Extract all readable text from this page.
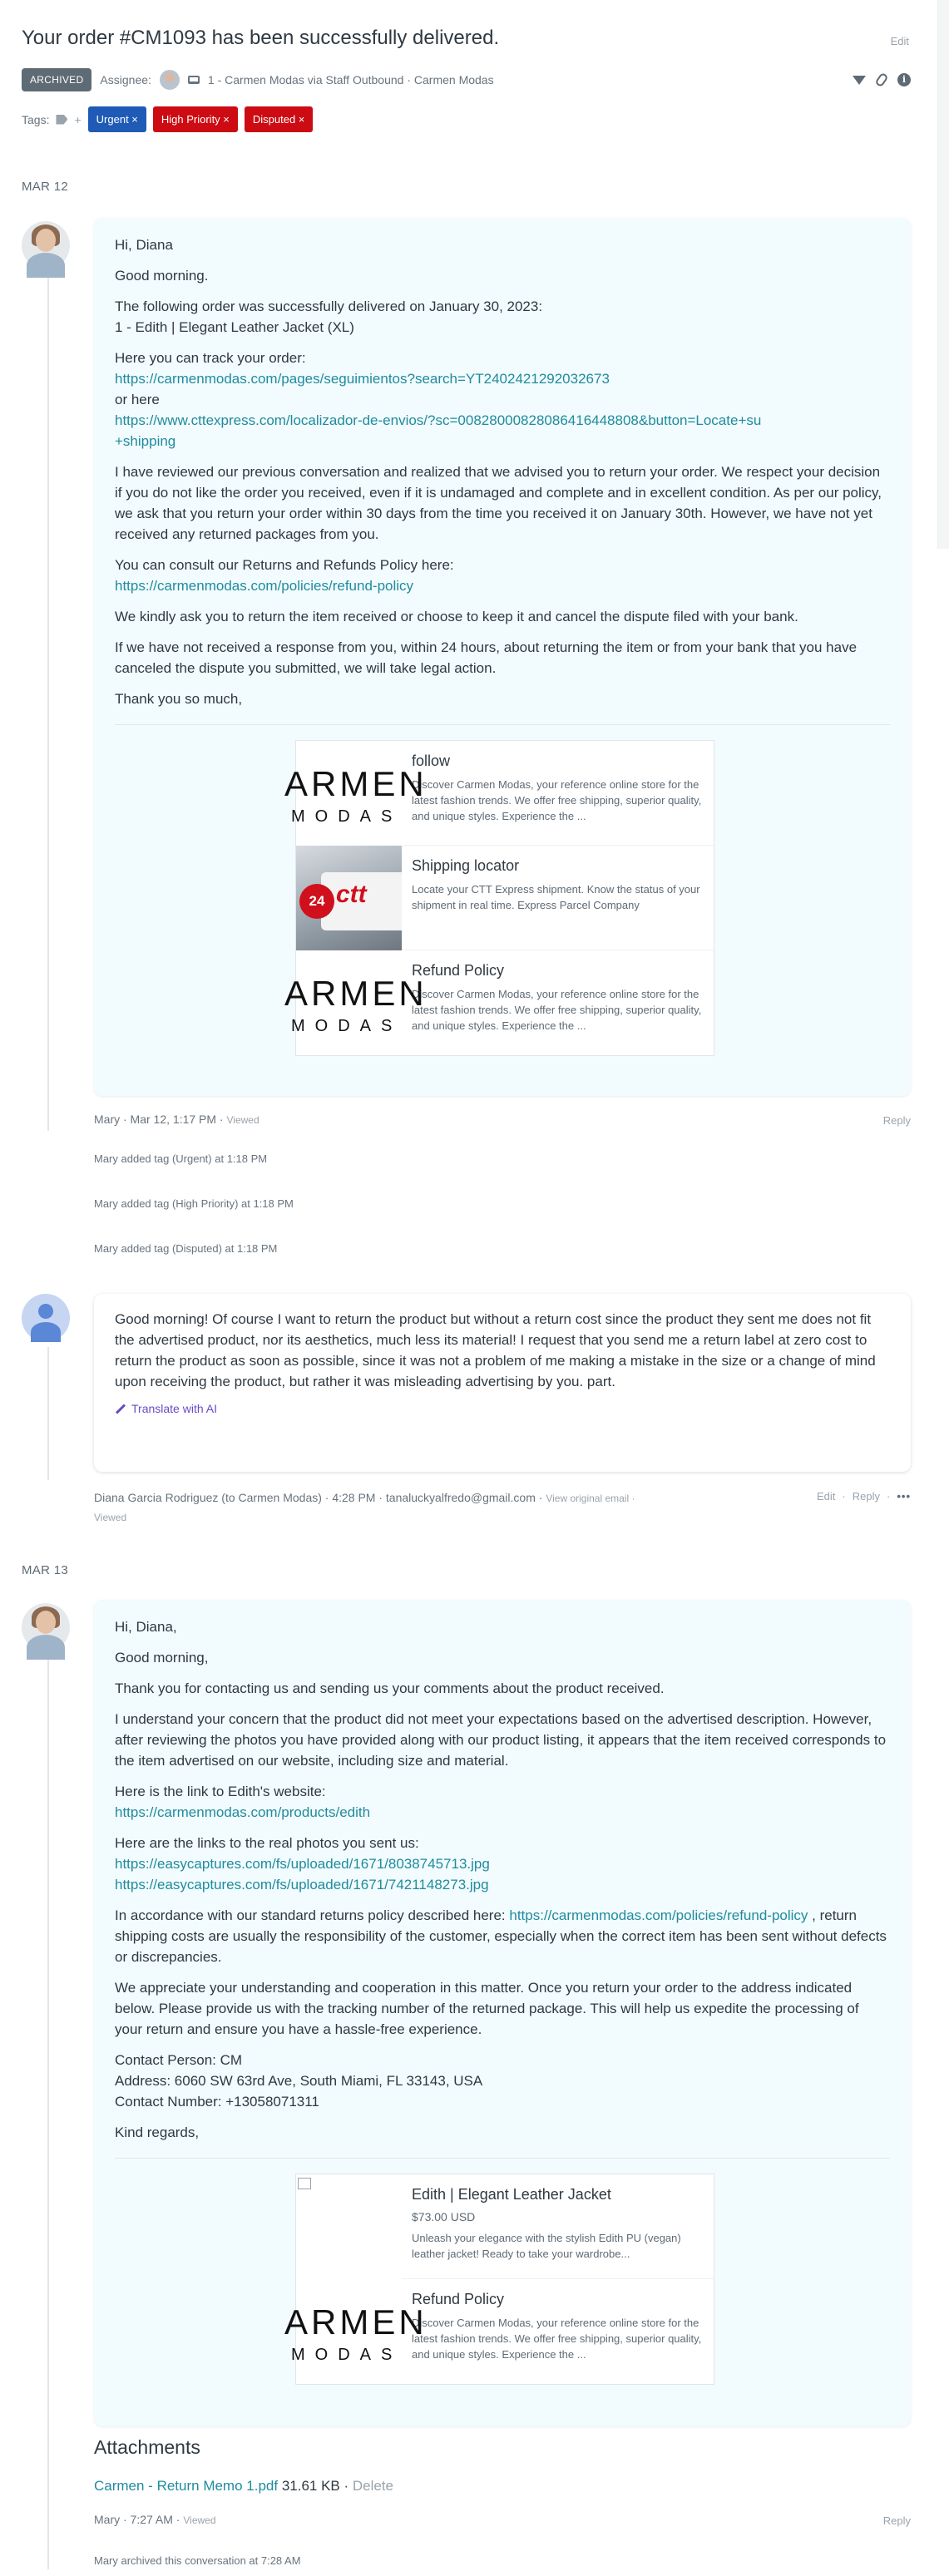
Your order #CM1093 has been successfully delivered.	Edit
ARCHIVED	Assignee:	1 - Carmen Modas via Staff Outbound · Carmen Modas	i
Tags: +	Urgent ×	High Priority ×	Disputed ×
MAR 12
Hi, Diana
Good morning.
The following order was successfully delivered on January 30, 2023:
1 - Edith | Elegant Leather Jacket (XL)
Here you can track your order:
https://carmenmodas.com/pages/seguimientos?search=YT2402421292032673
or here
https://www.cttexpress.com/localizador-de-envios/?sc=00828000828086416448808&button=Locate+su
+shipping
I have reviewed our previous conversation and realized that we advised you to return your order. We respect your decision if you do not like the order you received, even if it is undamaged and complete and in excellent condition. As per our policy, we ask that you return your order within 30 days from the time you received it on January 30th. However, we have not yet received any returned packages from you.
You can consult our Returns and Refunds Policy here:
https://carmenmodas.com/policies/refund-policy
We kindly ask you to return the item received or choose to keep it and cancel the dispute filed with your bank.
If we have not received a response from you, within 24 hours, about returning the item or from your bank that you have canceled the dispute you submitted, we will take legal action.
Thank you so much,
ARMEN
MODAS
follow
Discover Carmen Modas, your reference online store for the latest fashion trends. We offer free shipping, superior quality, and unique styles. Experience the ...
ctt
24
Shipping locator
Locate your CTT Express shipment. Know the status of your shipment in real time. Express Parcel Company
ARMEN
MODAS
Refund Policy
Discover Carmen Modas, your reference online store for the latest fashion trends. We offer free shipping, superior quality, and unique styles. Experience the ...
Mary · Mar 12, 1:17 PM · Viewed	Reply
Mary added tag (Urgent) at 1:18 PM
Mary added tag (High Priority) at 1:18 PM
Mary added tag (Disputed) at 1:18 PM
Good morning! Of course I want to return the product but without a return cost since the product they sent me does not fit the advertised product, nor its aesthetics, much less its material! I request that you send me a return label at zero cost to return the product as soon as possible, since it was not a problem of me making a mistake in the size or a change of mind upon receiving the product, but rather it was misleading advertising by you. part.
Translate with AI
Diana Garcia Rodriguez (to Carmen Modas) · 4:28 PM · tanaluckyalfredo@gmail.com · View original email ·
Viewed
Edit · Reply · •••
MAR 13
Hi, Diana,
Good morning,
Thank you for contacting us and sending us your comments about the product received.
I understand your concern that the product did not meet your expectations based on the advertised description. However, after reviewing the photos you have provided along with our product listing, it appears that the item received corresponds to the item advertised on our website, including size and material.
Here is the link to Edith's website:
https://carmenmodas.com/products/edith
Here are the links to the real photos you sent us:
https://easycaptures.com/fs/uploaded/1671/8038745713.jpg
https://easycaptures.com/fs/uploaded/1671/7421148273.jpg
In accordance with our standard returns policy described here: https://carmenmodas.com/policies/refund-policy , return shipping costs are usually the responsibility of the customer, especially when the correct item has been sent without defects or discrepancies.
We appreciate your understanding and cooperation in this matter. Once you return your order to the address indicated below. Please provide us with the tracking number of the returned package. This will help us expedite the processing of your return and ensure you have a hassle-free experience.
Contact Person: CM
Address: 6060 SW 63rd Ave, South Miami, FL 33143, USA
Contact Number: +13058071311
Kind regards,
Edith | Elegant Leather Jacket
$73.00 USD
Unleash your elegance with the stylish Edith PU (vegan) leather jacket! Ready to take your wardrobe...
ARMEN
MODAS
Refund Policy
Discover Carmen Modas, your reference online store for the latest fashion trends. We offer free shipping, superior quality, and unique styles. Experience the ...
Attachments
Carmen - Return Memo 1.pdf 31.61 KB · Delete
Mary · 7:27 AM · Viewed	Reply
Mary archived this conversation at 7:28 AM
